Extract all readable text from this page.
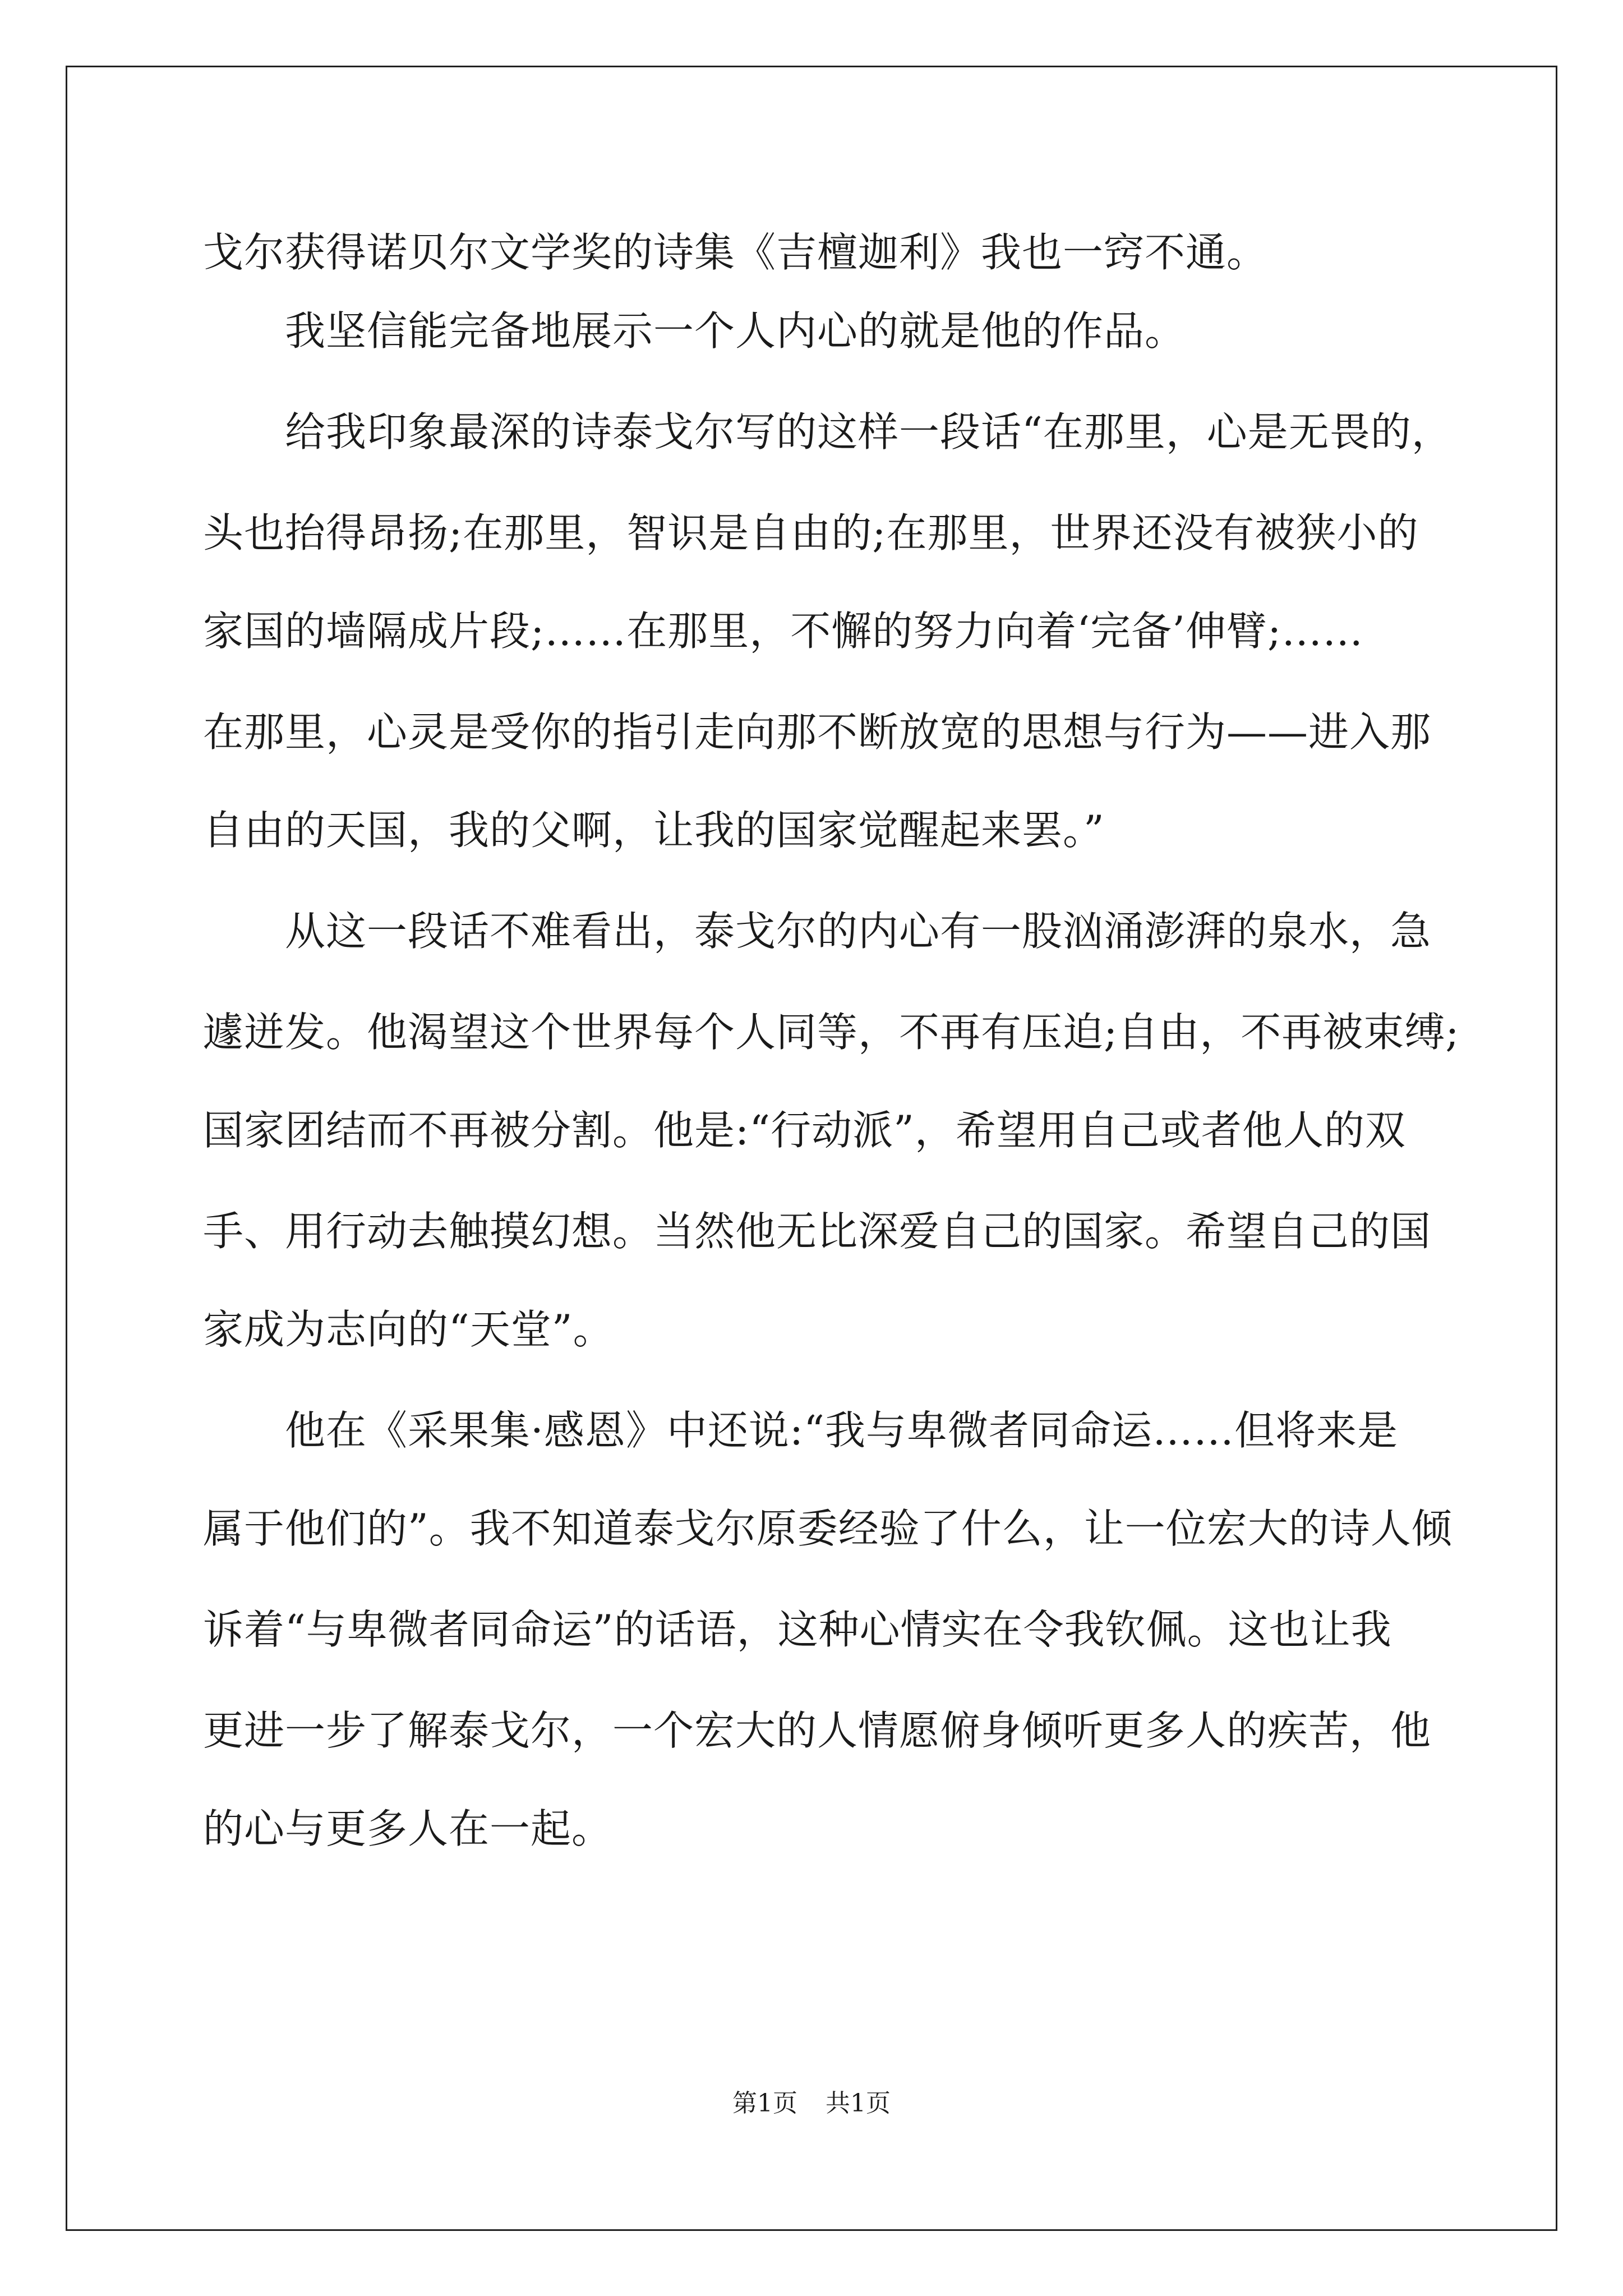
戈尔获得诺贝尔文学奖的诗集《吉檀迦利》我也一窍不通。
　　我坚信能完备地展示一个人内心的就是他的作品。
　　给我印象最深的诗泰戈尔写的这样一段话“在那里，心是无畏的，
头也抬得昂扬;在那里，智识是自由的;在那里，世界还没有被狭小的
家国的墙隔成片段;……在那里，不懈的努力向着‘完备’伸臂;……
在那里，心灵是受你的指引走向那不断放宽的思想与行为——进入那
自由的天国，我的父啊，让我的国家觉醒起来罢。”
　　从这一段话不难看出，泰戈尔的内心有一股汹涌澎湃的泉水，急
遽迸发。他渴望这个世界每个人同等，不再有压迫;自由，不再被束缚;
国家团结而不再被分割。他是:“行动派”，希望用自己或者他人的双
手、用行动去触摸幻想。当然他无比深爱自己的国家。希望自己的国
家成为志向的“天堂”。
　　他在《采果集·感恩》中还说:“我与卑微者同命运……但将来是
属于他们的”。我不知道泰戈尔原委经验了什么，让一位宏大的诗人倾
诉着“与卑微者同命运”的话语，这种心情实在令我钦佩。这也让我
更进一步了解泰戈尔，一个宏大的人情愿俯身倾听更多人的疾苦，他
的心与更多人在一起。
第1页 共1页
